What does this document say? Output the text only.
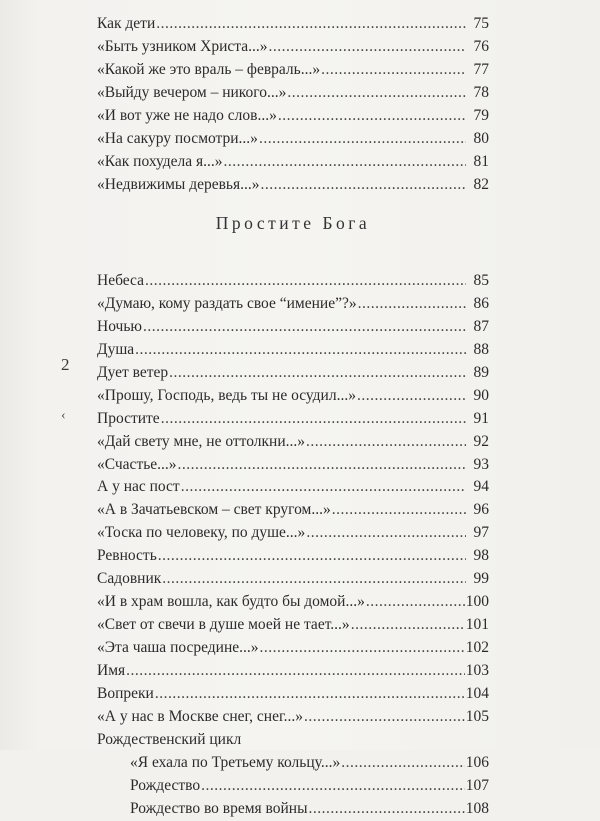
2
‹
Как дети .....	75
«Быть узником Христа...» .....	76
«Какой же это враль – февраль...» .....	77
«Выйду вечером – никого...» .....	78
«И вот уже не надо слов...» .....	79
«На сакуру посмотри...» .....	80
«Как похудела я...» .....	81
«Недвижимы деревья...» .....	82
Простите Бога
Небеса .....	85
«Думаю, кому раздать свое “имение”?» .....	86
Ночью .....	87
Душа .....	88
Дует ветер .....	89
«Прошу, Господь, ведь ты не осудил...» .....	90
Простите .....	91
«Дай свету мне, не оттолкни...» .....	92
«Счастье...» .....	93
А у нас пост .....	94
«А в Зачатьевском – свет кругом...» .....	96
«Тоска по человеку, по душе...» .....	97
Ревность .....	98
Садовник .....	99
«И в храм вошла, как будто бы домой...» .....	100
«Свет от свечи в душе моей не тает...» .....	101
«Эта чаша посредине...» .....	102
Имя .....	103
Вопреки .....	104
«А у нас в Москве снег, снег...» .....	105
Рождественский цикл
«Я ехала по Третьему кольцу...» .....	106
Рождество .....	107
Рождество во время войны .....	108
